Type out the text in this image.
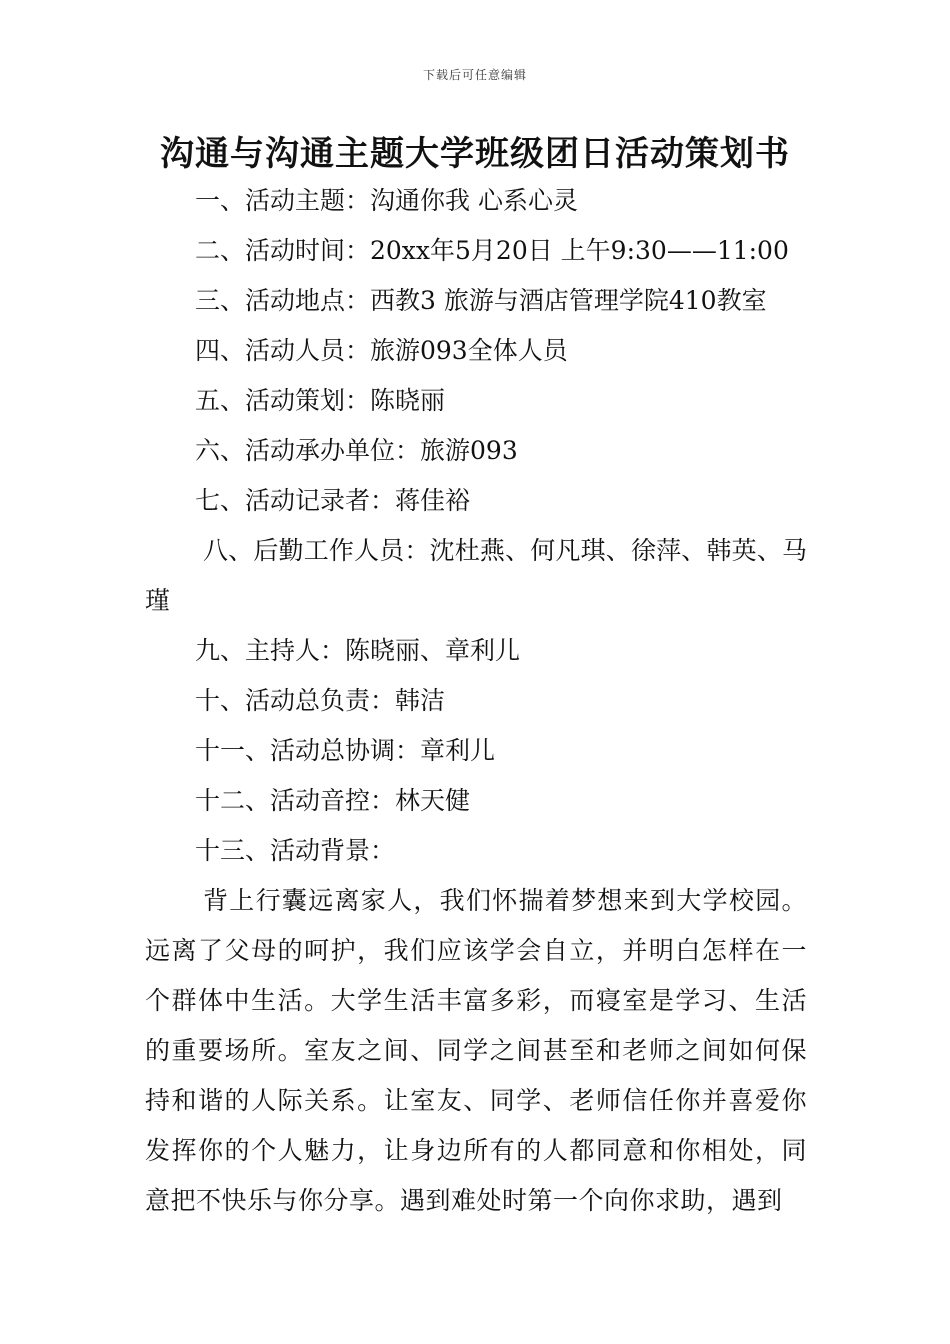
下载后可任意编辑
沟通与沟通主题大学班级团日活动策划书

一、活动主题：沟通你我 心系心灵

二、活动时间：20xx年5月20日 上午9:30——11:00

三、活动地点：西教3 旅游与酒店管理学院410教室

四、活动人员：旅游093全体人员

五、活动策划：陈晓丽

六、活动承办单位：旅游093

七、活动记录者：蒋佳裕

八、后勤工作人员：沈杜燕、何凡琪、徐萍、韩英、马瑾

九、主持人：陈晓丽、章利儿

十、活动总负责：韩洁

十一、活动总协调：章利儿

十二、活动音控：林天健

十三、活动背景：

背上行囊远离家人，我们怀揣着梦想来到大学校园。远离了父母的呵护，我们应该学会自立，并明白怎样在一个群体中生活。大学生活丰富多彩，而寝室是学习、生活的重要场所。室友之间、同学之间甚至和老师之间如何保持和谐的人际关系。让室友、同学、老师信任你并喜爱你发挥你的个人魅力，让身边所有的人都同意和你相处，同意把不快乐与你分享。遇到难处时第一个向你求助，遇到
